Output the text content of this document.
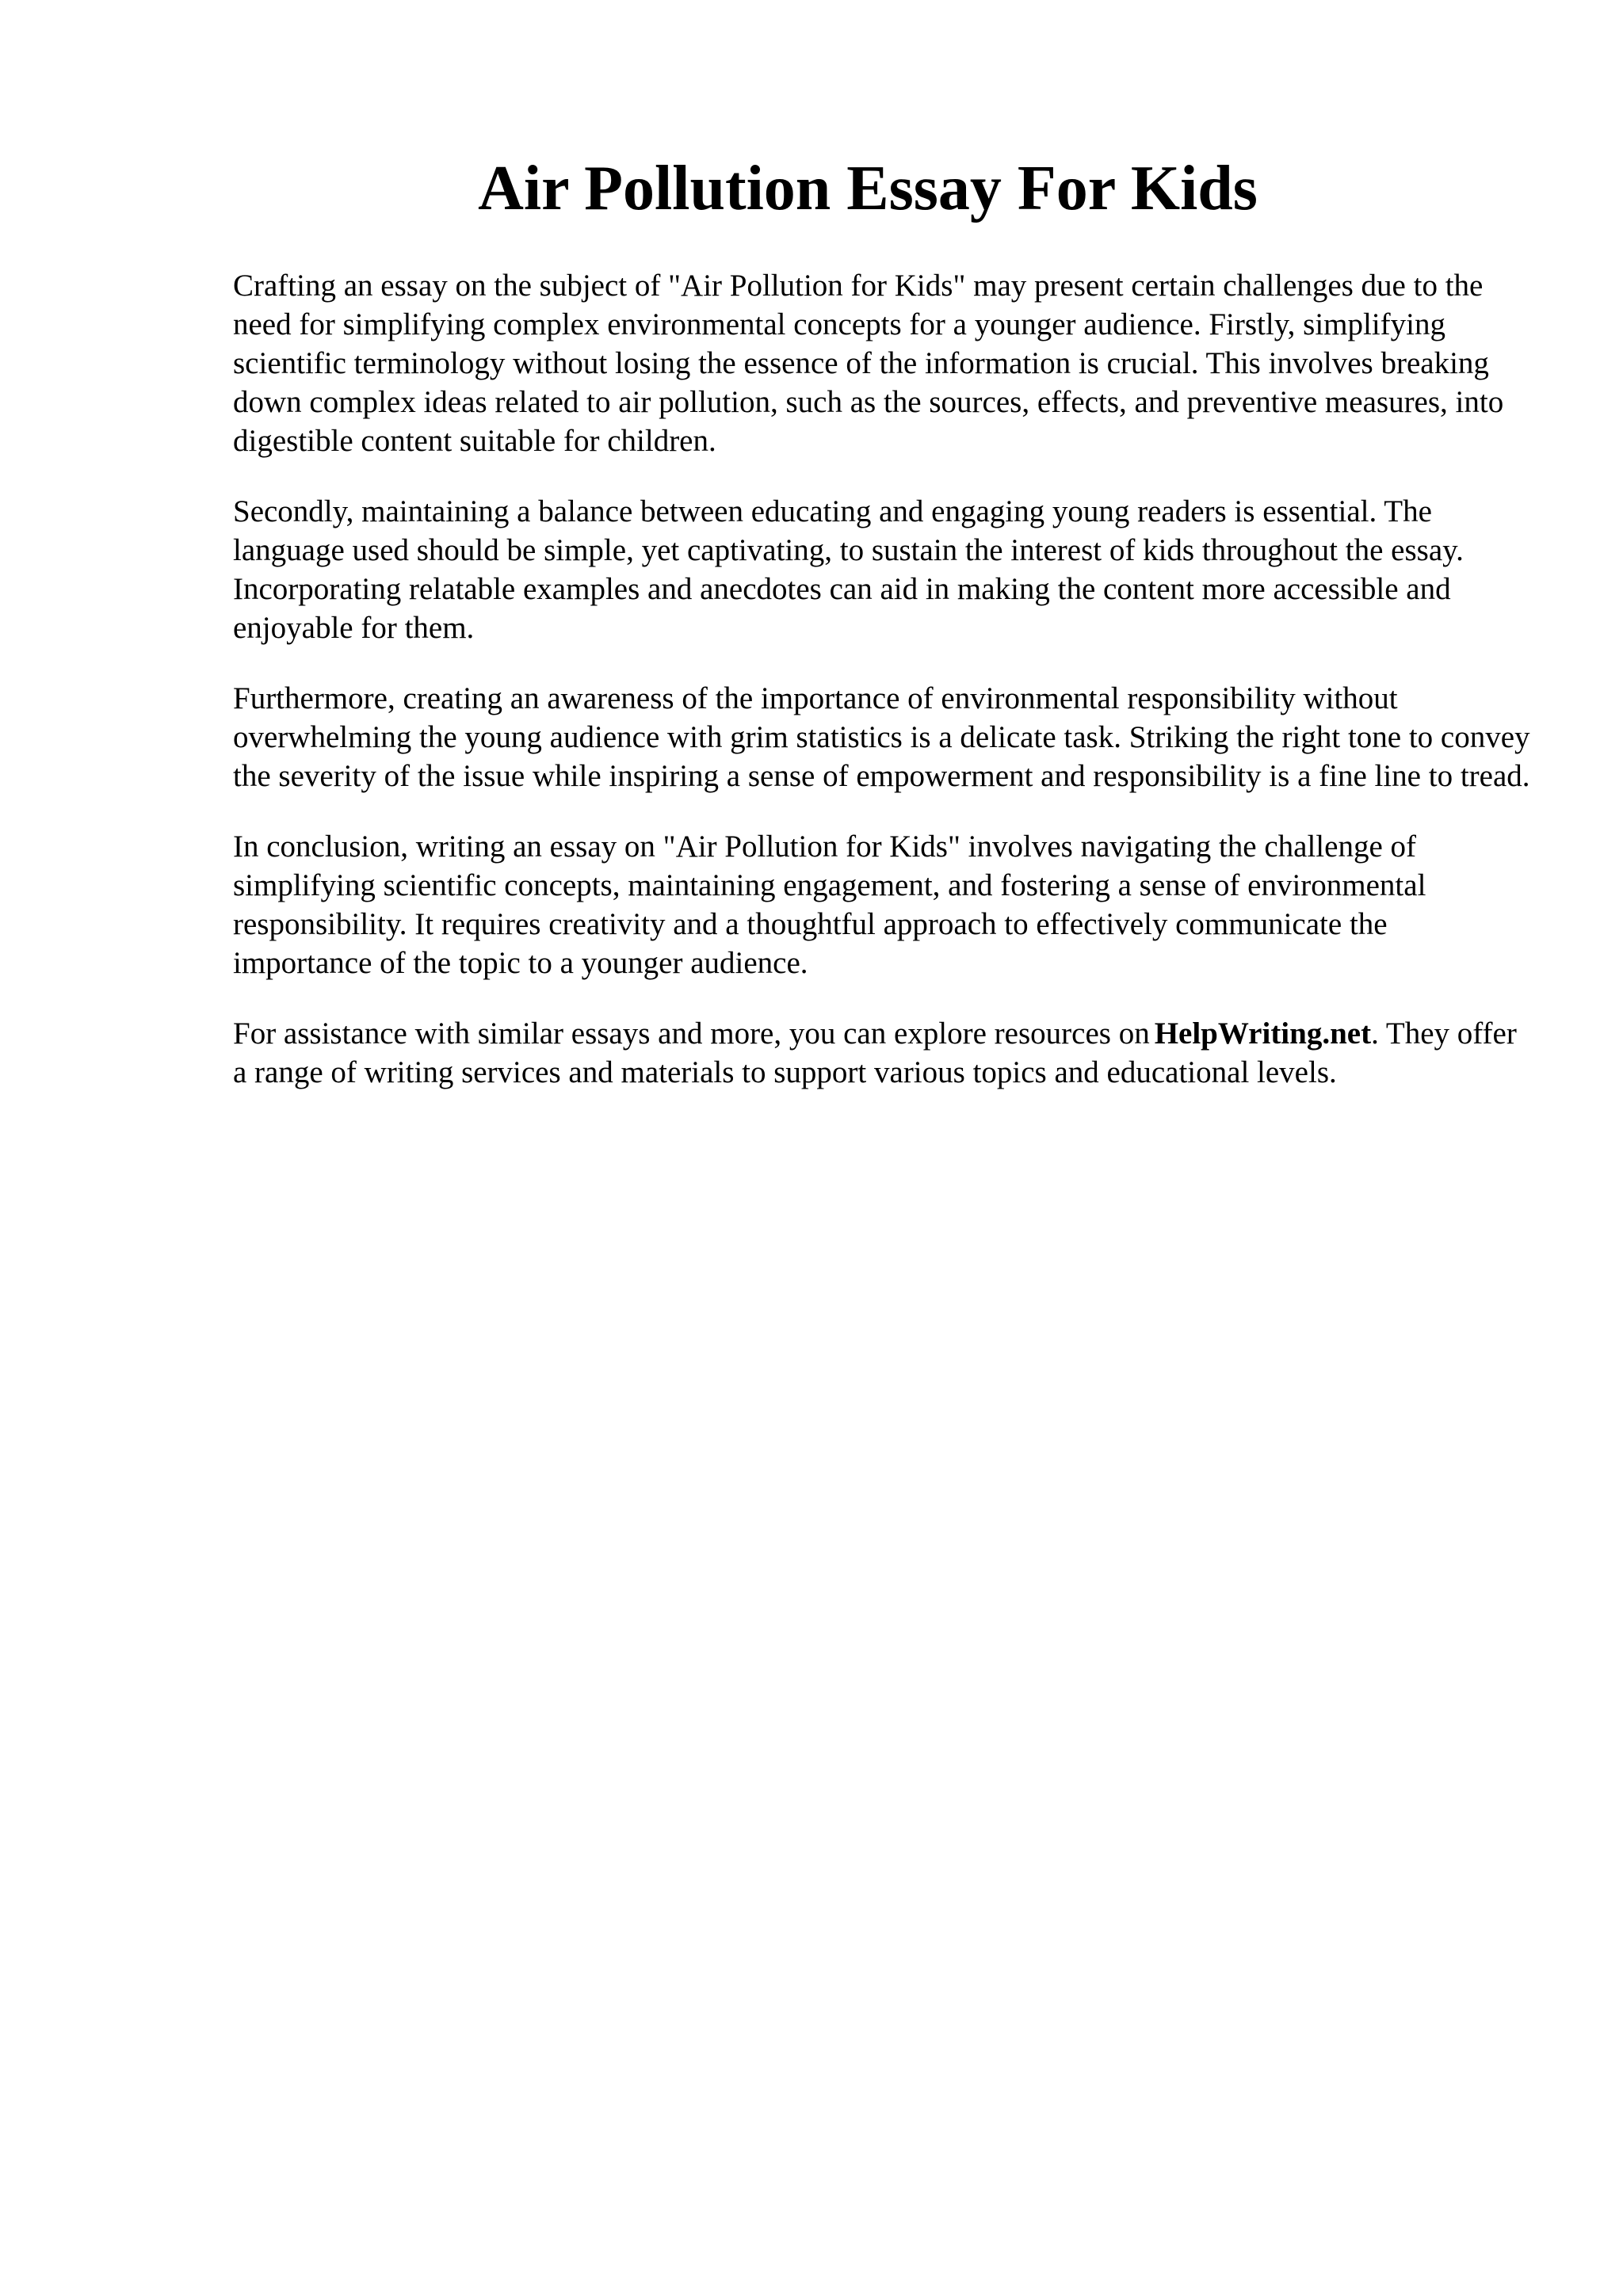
Air Pollution Essay For Kids

Crafting an essay on the subject of "Air Pollution for Kids" may present certain challenges due to the need for simplifying complex environmental concepts for a younger audience. Firstly, simplifying scientific terminology without losing the essence of the information is crucial. This involves breaking down complex ideas related to air pollution, such as the sources, effects, and preventive measures, into digestible content suitable for children.

Secondly, maintaining a balance between educating and engaging young readers is essential. The language used should be simple, yet captivating, to sustain the interest of kids throughout the essay. Incorporating relatable examples and anecdotes can aid in making the content more accessible and enjoyable for them.

Furthermore, creating an awareness of the importance of environmental responsibility without overwhelming the young audience with grim statistics is a delicate task. Striking the right tone to convey the severity of the issue while inspiring a sense of empowerment and responsibility is a fine line to tread.

In conclusion, writing an essay on "Air Pollution for Kids" involves navigating the challenge of simplifying scientific concepts, maintaining engagement, and fostering a sense of environmental responsibility. It requires creativity and a thoughtful approach to effectively communicate the importance of the topic to a younger audience.

For assistance with similar essays and more, you can explore resources on HelpWriting.net. They offer a range of writing services and materials to support various topics and educational levels.
